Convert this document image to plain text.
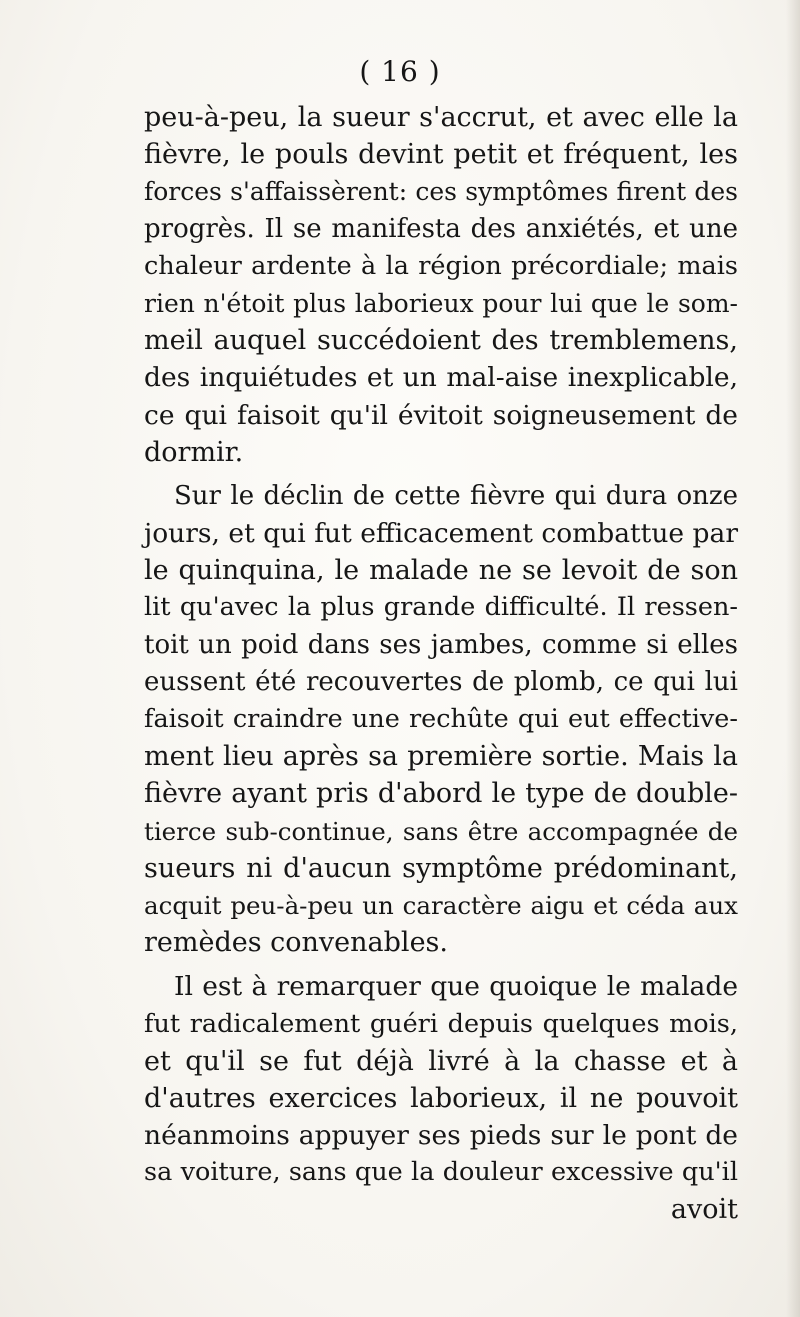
( 16 )
peu-à-peu, la sueur s'accrut, et avec elle la
fièvre, le pouls devint petit et fréquent, les
forces s'affaissèrent: ces symptômes firent des
progrès. Il se manifesta des anxiétés, et une
chaleur ardente à la région précordiale; mais
rien n'étoit plus laborieux pour lui que le som-
meil auquel succédoient des tremblemens,
des inquiétudes et un mal-aise inexplicable,
ce qui faisoit qu'il évitoit soigneusement de
dormir.
Sur le déclin de cette fièvre qui dura onze
jours, et qui fut efficacement combattue par
le quinquina, le malade ne se levoit de son
lit qu'avec la plus grande difficulté. Il ressen-
toit un poid dans ses jambes, comme si elles
eussent été recouvertes de plomb, ce qui lui
faisoit craindre une rechûte qui eut effective-
ment lieu après sa première sortie. Mais la
fièvre ayant pris d'abord le type de double-
tierce sub-continue, sans être accompagnée de
sueurs ni d'aucun symptôme prédominant,
acquit peu-à-peu un caractère aigu et céda aux
remèdes convenables.
Il est à remarquer que quoique le malade
fut radicalement guéri depuis quelques mois,
et qu'il se fut déjà livré à la chasse et à
d'autres exercices laborieux, il ne pouvoit
néanmoins appuyer ses pieds sur le pont de
sa voiture, sans que la douleur excessive qu'il
avoit
